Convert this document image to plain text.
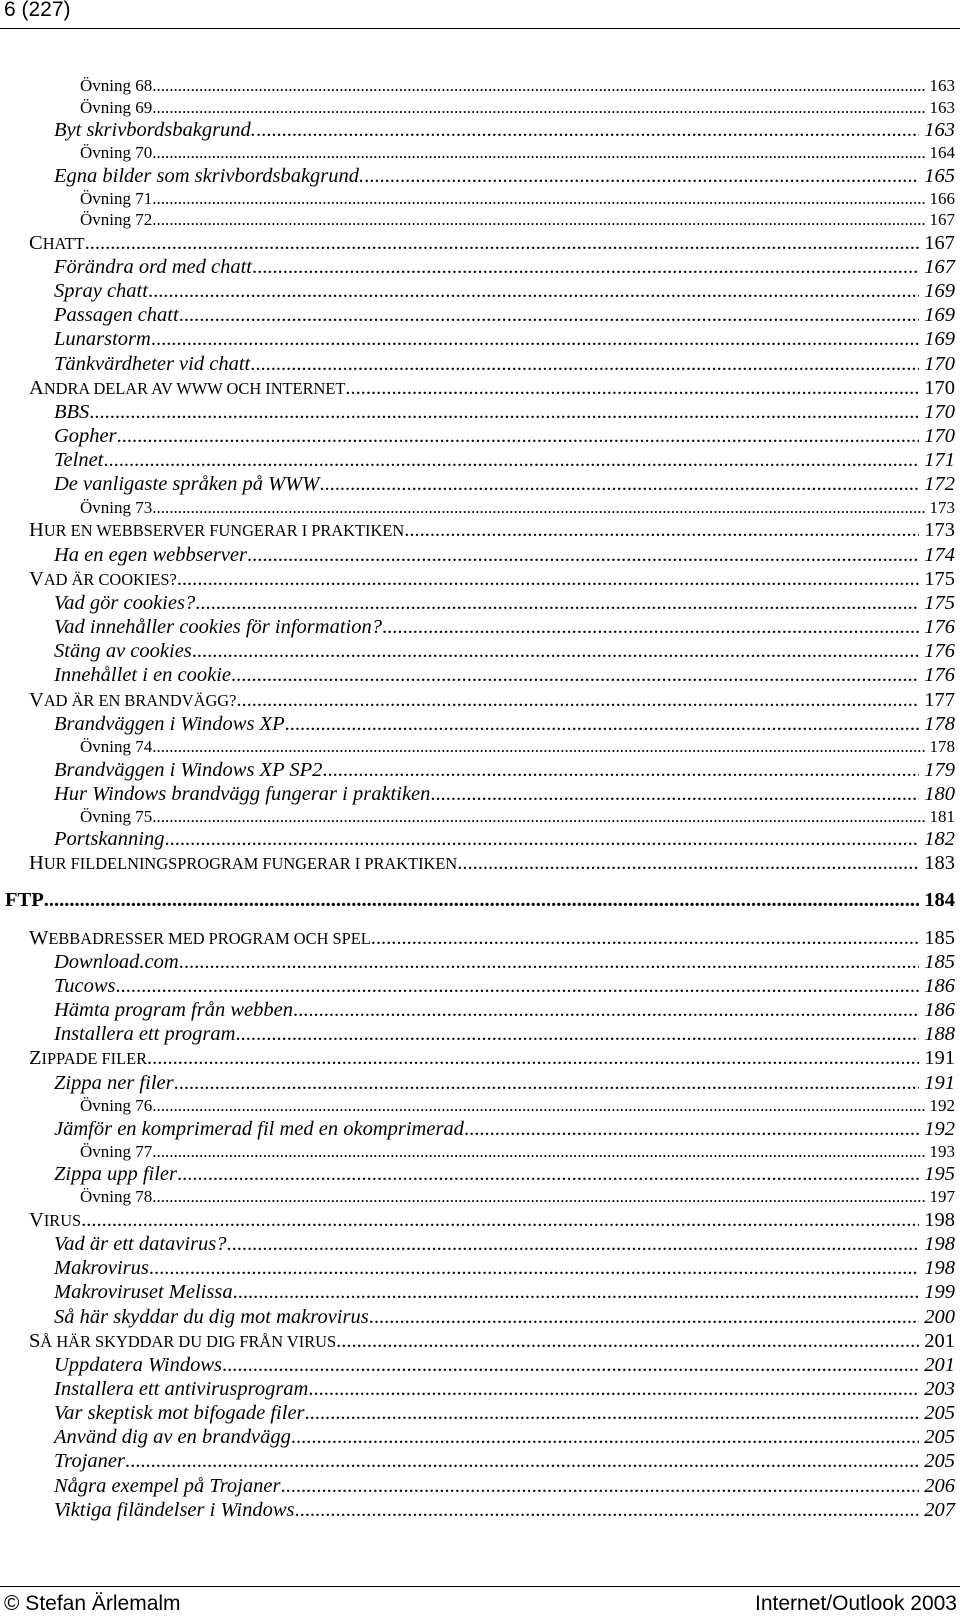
6 (227)
Övning 68. .....	163
Övning 69. .....	163
Byt skrivbordsbakgrund. .....	163
Övning 70. .....	164
Egna bilder som skrivbordsbakgrund. .....	165
Övning 71. .....	166
Övning 72. .....	167
CHATT .....	167
Förändra ord med chatt .....	167
Spray chatt .....	169
Passagen chatt .....	169
Lunarstorm .....	169
Tänkvärdheter vid chatt .....	170
ANDRA DELAR AV WWW OCH INTERNET .....	170
BBS .....	170
Gopher .....	170
Telnet .....	171
De vanligaste språken på WWW .....	172
Övning 73. .....	173
HUR EN WEBBSERVER FUNGERAR I PRAKTIKEN .....	173
Ha en egen webbserver .....	174
VAD ÄR COOKIES? .....	175
Vad gör cookies? .....	175
Vad innehåller cookies för information? .....	176
Stäng av cookies .....	176
Innehållet i en cookie .....	176
VAD ÄR EN BRANDVÄGG? .....	177
Brandväggen i Windows XP .....	178
Övning 74. .....	178
Brandväggen i Windows XP SP2 .....	179
Hur Windows brandvägg fungerar i praktiken .....	180
Övning 75. .....	181
Portskanning .....	182
HUR FILDELNINGSPROGRAM FUNGERAR I PRAKTIKEN .....	183
FTP .....	184
WEBBADRESSER MED PROGRAM OCH SPEL .....	185
Download.com .....	185
Tucows .....	186
Hämta program från webben .....	186
Installera ett program .....	188
ZIPPADE FILER .....	191
Zippa ner filer .....	191
Övning 76. .....	192
Jämför en komprimerad fil med en okomprimerad .....	192
Övning 77. .....	193
Zippa upp filer .....	195
Övning 78. .....	197
VIRUS .....	198
Vad är ett datavirus? .....	198
Makrovirus .....	198
Makroviruset Melissa .....	199
Så här skyddar du dig mot makrovirus .....	200
SÅ HÄR SKYDDAR DU DIG FRÅN VIRUS .....	201
Uppdatera Windows .....	201
Installera ett antivirusprogram .....	203
Var skeptisk mot bifogade filer .....	205
Använd dig av en brandvägg .....	205
Trojaner .....	205
Några exempel på Trojaner .....	206
Viktiga filändelser i Windows .....	207
© Stefan Ärlemalm	Internet/Outlook 2003
